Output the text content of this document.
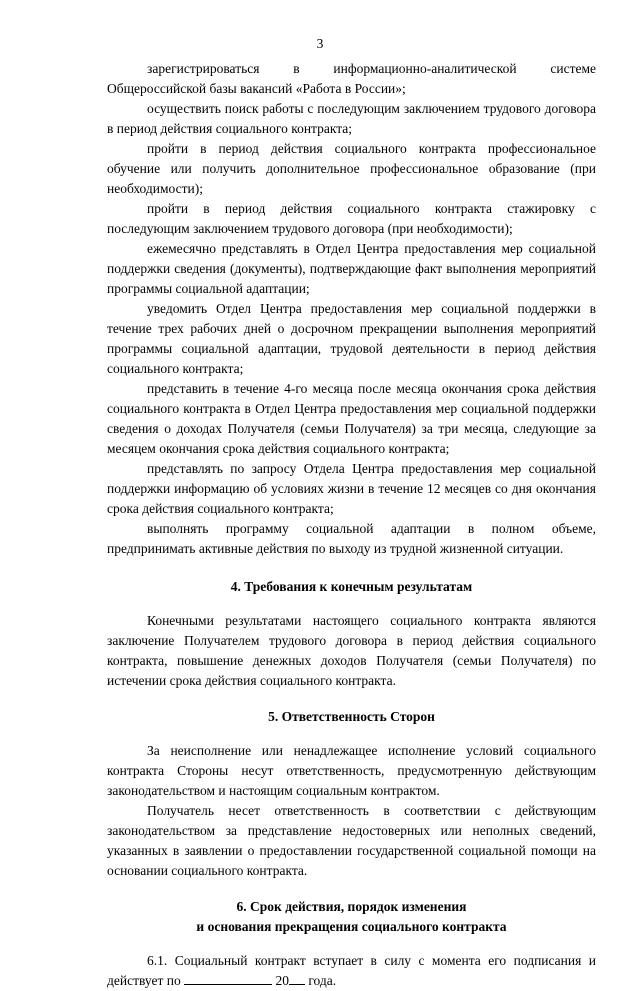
3

зарегистрироваться в информационно-аналитической системе Общероссийской базы вакансий «Работа в России»;

осуществить поиск работы с последующим заключением трудового договора в период действия социального контракта;

пройти в период действия социального контракта профессиональное обучение или получить дополнительное профессиональное образование (при необходимости);

пройти в период действия социального контракта стажировку с последующим заключением трудового договора (при необходимости);

ежемесячно представлять в Отдел Центра предоставления мер социальной поддержки сведения (документы), подтверждающие факт выполнения мероприятий программы социальной адаптации;

уведомить Отдел Центра предоставления мер социальной поддержки в течение трех рабочих дней о досрочном прекращении выполнения мероприятий программы социальной адаптации, трудовой деятельности в период действия социального контракта;

представить в течение 4-го месяца после месяца окончания срока действия социального контракта в Отдел Центра предоставления мер социальной поддержки сведения о доходах Получателя (семьи Получателя) за три месяца, следующие за месяцем окончания срока действия социального контракта;

представлять по запросу Отдела Центра предоставления мер социальной поддержки информацию об условиях жизни в течение 12 месяцев со дня окончания срока действия социального контракта;

выполнять программу социальной адаптации в полном объеме, предпринимать активные действия по выходу из трудной жизненной ситуации.

4. Требования к конечным результатам

Конечными результатами настоящего социального контракта являются заключение Получателем трудового договора в период действия социального контракта, повышение денежных доходов Получателя (семьи Получателя) по истечении срока действия социального контракта.

5. Ответственность Сторон

За неисполнение или ненадлежащее исполнение условий социального контракта Стороны несут ответственность, предусмотренную действующим законодательством и настоящим социальным контрактом.

Получатель несет ответственность в соответствии с действующим законодательством за представление недостоверных или неполных сведений, указанных в заявлении о предоставлении государственной социальной помощи на основании социального контракта.

6. Срок действия, порядок изменения
и основания прекращения социального контракта

6.1. Социальный контракт вступает в силу с момента его подписания и действует по	20 года.
